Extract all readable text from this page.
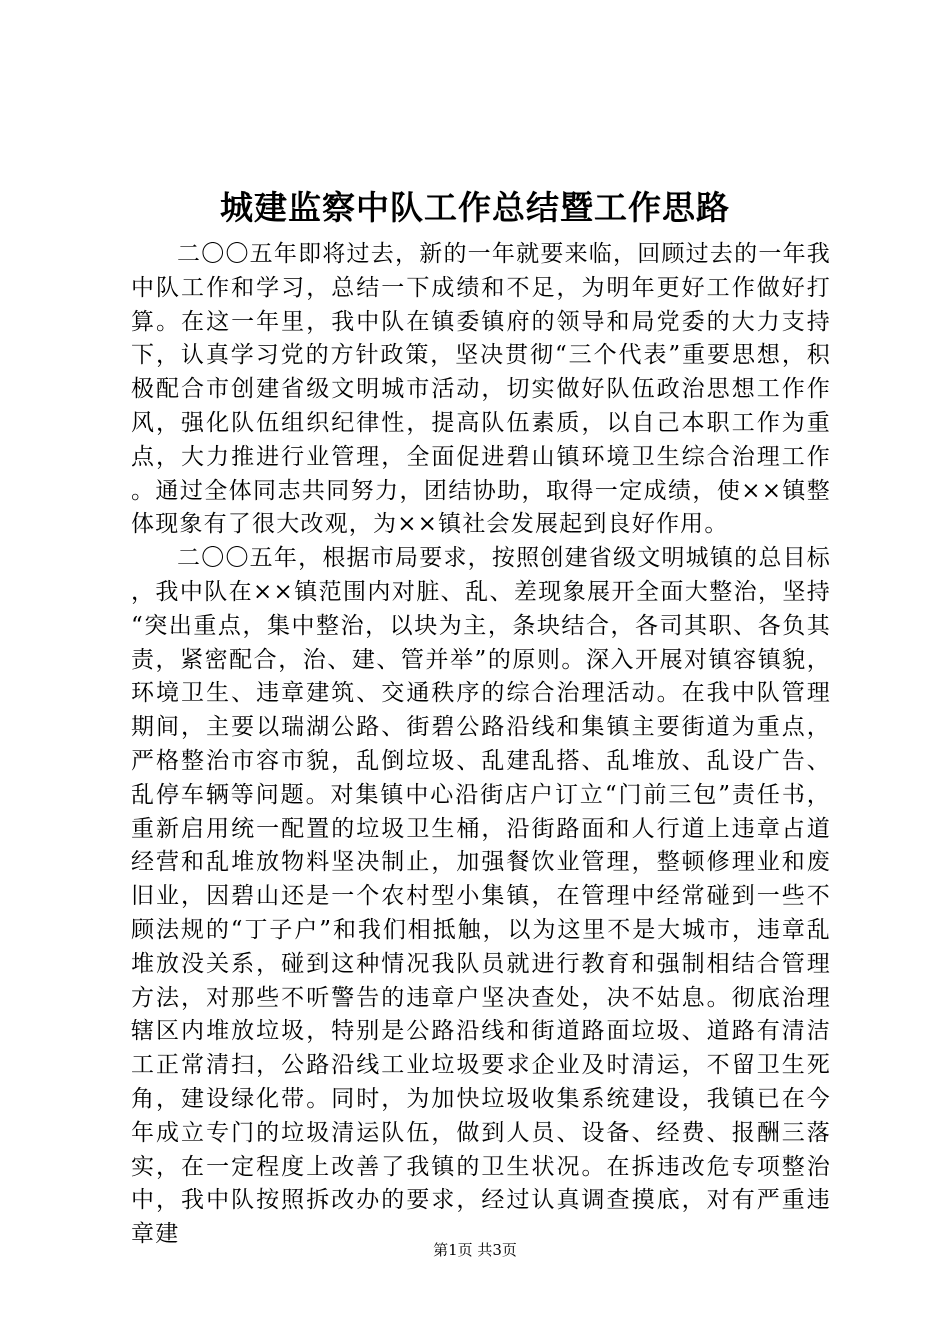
城建监察中队工作总结暨工作思路

二〇〇五年即将过去，新的一年就要来临，回顾过去的一年我中队工作和学习，总结一下成绩和不足，为明年更好工作做好打算。在这一年里，我中队在镇委镇府的领导和局党委的大力支持下，认真学习党的方针政策，坚决贯彻“三个代表”重要思想，积极配合市创建省级文明城市活动，切实做好队伍政治思想工作作风，强化队伍组织纪律性，提高队伍素质，以自己本职工作为重点，大力推进行业管理，全面促进碧山镇环境卫生综合治理工作。通过全体同志共同努力，团结协助，取得一定成绩，使××镇整体现象有了很大改观，为××镇社会发展起到良好作用。

二〇〇五年，根据市局要求，按照创建省级文明城镇的总目标，我中队在××镇范围内对脏、乱、差现象展开全面大整治，坚持“突出重点，集中整治，以块为主，条块结合，各司其职、各负其责，紧密配合，治、建、管并举”的原则。深入开展对镇容镇貌，环境卫生、违章建筑、交通秩序的综合治理活动。在我中队管理期间，主要以瑞湖公路、街碧公路沿线和集镇主要街道为重点，严格整治市容市貌，乱倒垃圾、乱建乱搭、乱堆放、乱设广告、乱停车辆等问题。对集镇中心沿街店户订立“门前三包”责任书，重新启用统一配置的垃圾卫生桶，沿街路面和人行道上违章占道经营和乱堆放物料坚决制止，加强餐饮业管理，整顿修理业和废旧业，因碧山还是一个农村型小集镇，在管理中经常碰到一些不顾法规的“丁子户”和我们相抵触，以为这里不是大城市，违章乱堆放没关系，碰到这种情况我队员就进行教育和强制相结合管理方法，对那些不听警告的违章户坚决查处，决不姑息。彻底治理辖区内堆放垃圾，特别是公路沿线和街道路面垃圾、道路有清洁工正常清扫，公路沿线工业垃圾要求企业及时清运，不留卫生死角，建设绿化带。同时，为加快垃圾收集系统建设，我镇已在今年成立专门的垃圾清运队伍，做到人员、设备、经费、报酬三落实，在一定程度上改善了我镇的卫生状况。在拆违改危专项整治中，我中队按照拆改办的要求，经过认真调查摸底，对有严重违章建

第1页 共3页
